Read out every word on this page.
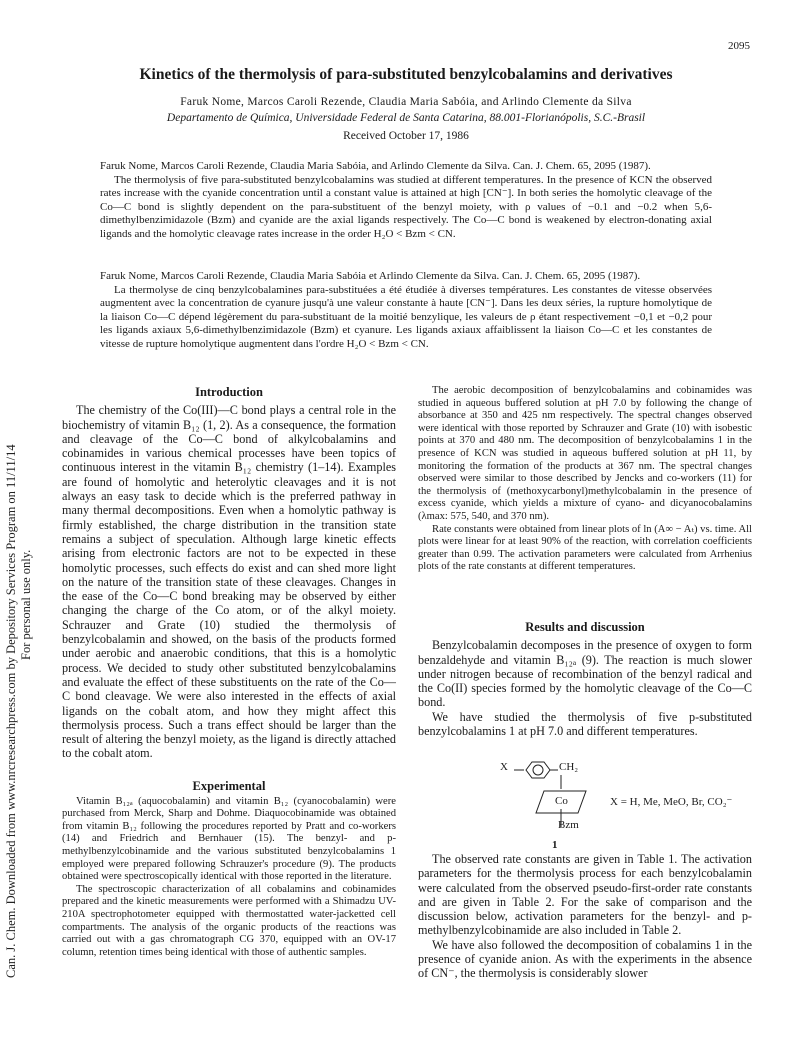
2095
Kinetics of the thermolysis of para-substituted benzylcobalamins and derivatives
Faruk Nome, Marcos Caroli Rezende, Claudia Maria Sabóia, and Arlindo Clemente da Silva
Departamento de Química, Universidade Federal de Santa Catarina, 88.001-Florianópolis, S.C.-Brasil
Received October 17, 1986
Faruk Nome, Marcos Caroli Rezende, Claudia Maria Sabóia, and Arlindo Clemente da Silva. Can. J. Chem. 65, 2095 (1987).

The thermolysis of five para-substituted benzylcobalamins was studied at different temperatures. In the presence of KCN the observed rates increase with the cyanide concentration until a constant value is attained at high [CN⁻]. In both series the homolytic cleavage of the Co—C bond is slightly dependent on the para-substituent of the benzyl moiety, with ρ values of −0.1 and −0.2 when 5,6-dimethylbenzimidazole (Bzm) and cyanide are the axial ligands respectively. The Co—C bond is weakened by electron-donating axial ligands and the homolytic cleavage rates increase in the order H₂O < Bzm < CN.

Faruk Nome, Marcos Caroli Rezende, Claudia Maria Sabóia et Arlindo Clemente da Silva. Can. J. Chem. 65, 2095 (1987).

La thermolyse de cinq benzylcobalamines para-substituées a été étudiée à diverses températures. Les constantes de vitesse observées augmentent avec la concentration de cyanure jusqu'à une valeur constante à haute [CN⁻]. Dans les deux séries, la rupture homolytique de la liaison Co—C dépend légèrement du para-substituant de la moitié benzylique, les valeurs de ρ étant respectivement −0,1 et −0,2 pour les ligands axiaux 5,6-dimethylbenzimidazole (Bzm) et cyanure. Les ligands axiaux affaiblissent la liaison Co—C et les constantes de vitesse de rupture homolytique augmentent dans l'ordre H₂O < Bzm < CN.

Can. J. Chem. Downloaded from www.nrcresearchpress.com by Depository Services Program on 11/11/14 For personal use only.
Introduction

The chemistry of the Co(III)—C bond plays a central role in the biochemistry of vitamin B₁₂ (1, 2). As a consequence, the formation and cleavage of the Co—C bond of alkylcobalamins and cobinamides in various chemical processes have been topics of continuous interest in the vitamin B₁₂ chemistry (1–14). Examples are found of homolytic and heterolytic cleavages and it is not always an easy task to decide which is the preferred pathway in many thermal decompositions. Even when a homolytic pathway is firmly established, the charge distribution in the transition state remains a subject of speculation. Although large kinetic effects arising from electronic factors are not to be expected in these homolytic processes, such effects do exist and can shed more light on the nature of the transition state of these cleavages. Changes in the ease of the Co—C bond breaking may be observed by either changing the charge of the Co atom, or of the alkyl moiety. Schrauzer and Grate (10) studied the thermolysis of benzylcobalamin and showed, on the basis of the products formed under aerobic and anaerobic conditions, that this is a homolytic process. We decided to study other substituted benzylcobalamins and evaluate the effect of these substituents on the rate of the Co—C bond cleavage. We were also interested in the effects of axial ligands on the cobalt atom, and how they might affect this thermolysis process. Such a trans effect should be larger than the result of altering the benzyl moiety, as the ligand is directly attached to the cobalt atom.

Experimental

Vitamin B₁₂ₐ (aquocobalamin) and vitamin B₁₂ (cyanocobalamin) were purchased from Merck, Sharp and Dohme. Diaquocobinamide was obtained from vitamin B₁₂ following the procedures reported by Pratt and co-workers (14) and Friedrich and Bernhauer (15). The benzyl- and p-methylbenzylcobinamide and the various substituted benzylcobalamins 1 employed were prepared following Schrauzer's procedure (9). The products obtained were spectroscopically identical with those reported in the literature.

The spectroscopic characterization of all cobalamins and cobinamides prepared and the kinetic measurements were performed with a Shimadzu UV-210A spectrophotometer equipped with thermostatted water-jacketted cell compartments. The analysis of the organic products of the reactions was carried out with a gas chromatograph CG 370, equipped with an OV-17 column, retention times being identical with those of authentic samples.

The aerobic decomposition of benzylcobalamins and cobinamides was studied in aqueous buffered solution at pH 7.0 by following the change of absorbance at 350 and 425 nm respectively. The spectral changes observed were identical with those reported by Schrauzer and Grate (10) with isobestic points at 370 and 480 nm. The decomposition of benzylcobalamins 1 in the presence of KCN was studied in aqueous buffered solution at pH 11, by monitoring the formation of the products at 367 nm. The spectral changes observed were similar to those described by Jencks and co-workers (11) for the thermolysis of (methoxycarbonyl)methylcobalamin in the presence of excess cyanide, which yields a mixture of cyano- and dicyanocobalamins (λmax: 575, 540, and 370 nm).

Rate constants were obtained from linear plots of ln (A∞ − Aₜ) vs. time. All plots were linear for at least 90% of the reaction, with correlation coefficients greater than 0.99. The activation parameters were calculated from Arrhenius plots of the rate constants at different temperatures.

Results and discussion

Benzylcobalamin decomposes in the presence of oxygen to form benzaldehyde and vitamin B₁₂ₐ (9). The reaction is much slower under nitrogen because of recombination of the benzyl radical and the Co(II) species formed by the homolytic cleavage of the Co—C bond.

We have studied the thermolysis of five p-substituted benzylcobalamins 1 at pH 7.0 and different temperatures.

X	CH₂
Co
Bzm
1
X = H, Me, MeO, Br, CO₂⁻

The observed rate constants are given in Table 1. The activation parameters for the thermolysis process for each benzylcobalamin were calculated from the observed pseudo-first-order rate constants and are given in Table 2. For the sake of comparison and the discussion below, activation parameters for the benzyl- and p-methylbenzylcobinamide are also included in Table 2.

We have also followed the decomposition of cobalamins 1 in the presence of cyanide anion. As with the experiments in the absence of CN⁻, the thermolysis is considerably slower
